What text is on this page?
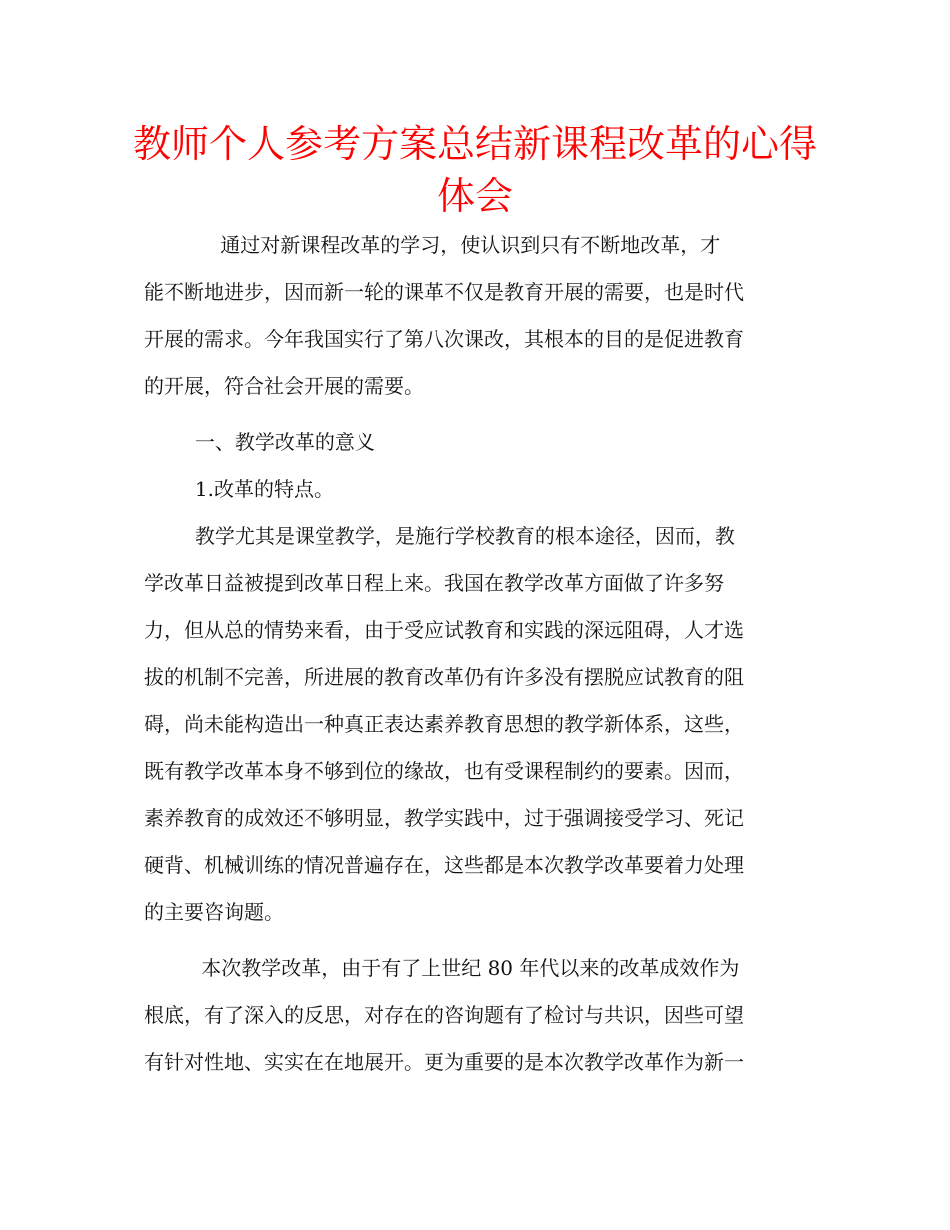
教师个人参考方案总结新课程改革的心得
体会
通过对新课程改革的学习，使认识到只有不断地改革，才
能不断地进步，因而新一轮的课革不仅是教育开展的需要，也是时代
开展的需求。今年我国实行了第八次课改，其根本的目的是促进教育
的开展，符合社会开展的需要。
一、教学改革的意义
1.改革的特点。
教学尤其是课堂教学，是施行学校教育的根本途径，因而，教
学改革日益被提到改革日程上来。我国在教学改革方面做了许多努
力，但从总的情势来看，由于受应试教育和实践的深远阻碍，人才选
拔的机制不完善，所进展的教育改革仍有许多没有摆脱应试教育的阻
碍，尚未能构造出一种真正表达素养教育思想的教学新体系，这些，
既有教学改革本身不够到位的缘故，也有受课程制约的要素。因而，
素养教育的成效还不够明显，教学实践中，过于强调接受学习、死记
硬背、机械训练的情况普遍存在，这些都是本次教学改革要着力处理
的主要咨询题。
本次教学改革，由于有了上世纪 80 年代以来的改革成效作为
根底，有了深入的反思，对存在的咨询题有了检讨与共识，因些可望
有针对性地、实实在在地展开。更为重要的是本次教学改革作为新一
